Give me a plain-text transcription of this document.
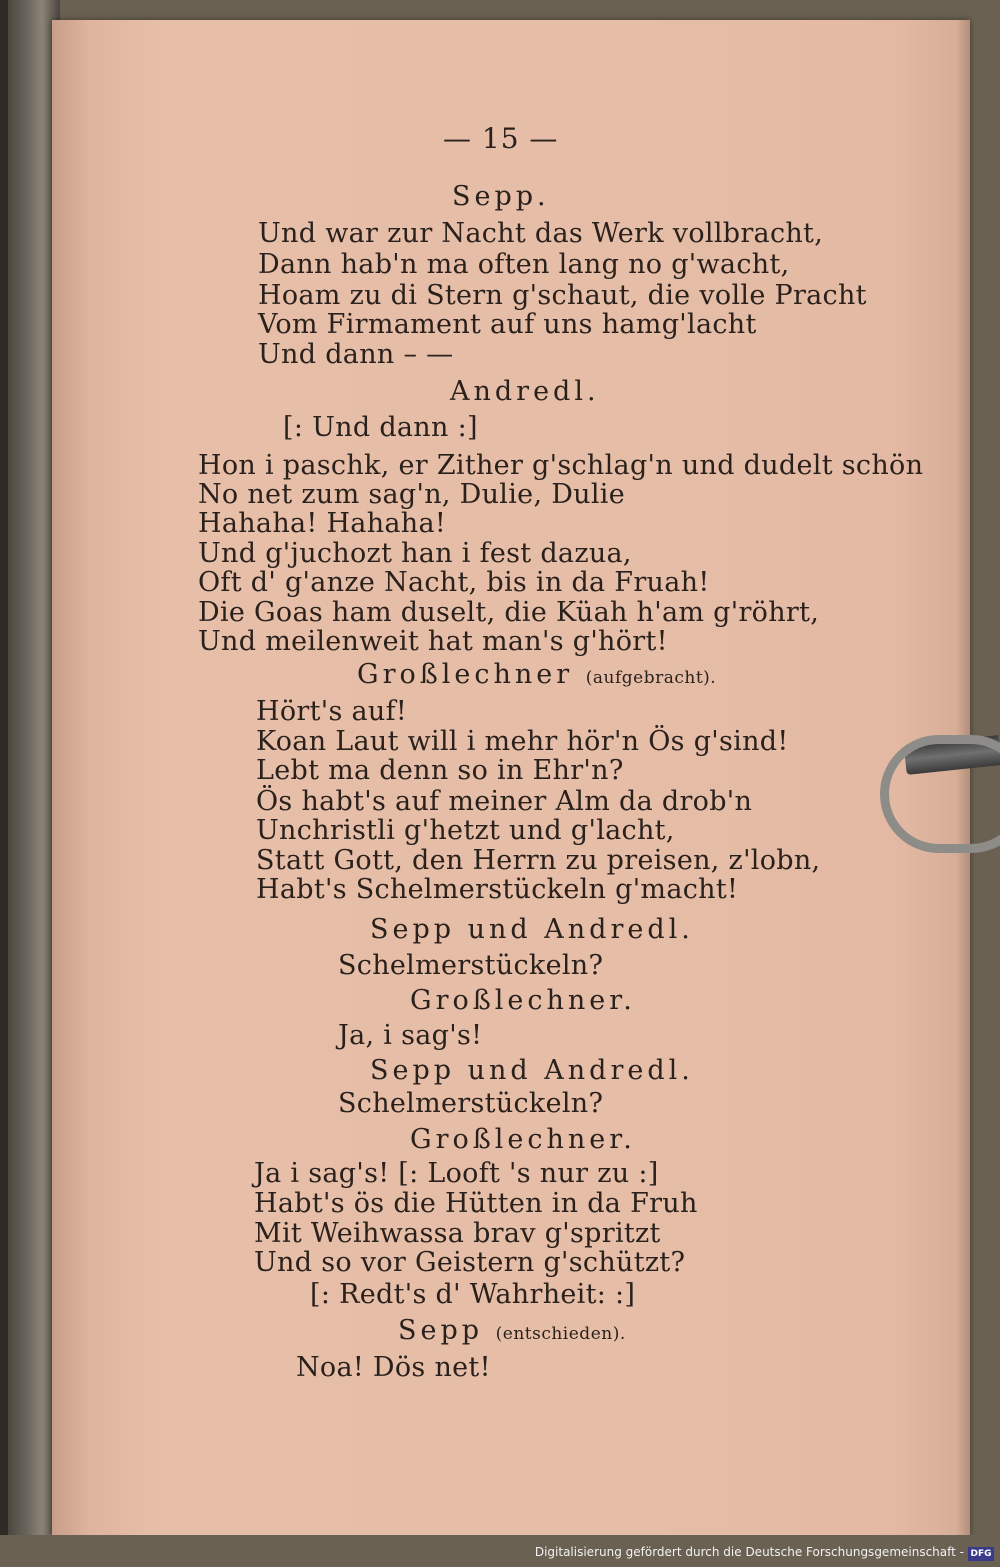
— 15 —
Sepp.
Und war zur Nacht das Werk vollbracht,
Dann hab'n ma often lang no g'wacht,
Hoam zu di Stern g'schaut, die volle Pracht
Vom Firmament auf uns hamg'lacht
Und dann – —
Andredl.
[: Und dann :]
Hon i paschk, er Zither g'schlag'n und dudelt schön
No net zum sag'n, Dulie, Dulie
Hahaha! Hahaha!
Und g'juchozt han i fest dazua,
Oft d' g'anze Nacht, bis in da Fruah!
Die Goas ham duselt, die Küah h'am g'röhrt,
Und meilenweit hat man's g'hört!
Großlechner (aufgebracht).
Hört's auf!
Koan Laut will i mehr hör'n Ös g'sind!
Lebt ma denn so in Ehr'n?
Ös habt's auf meiner Alm da drob'n
Unchristli g'hetzt und g'lacht,
Statt Gott, den Herrn zu preisen, z'lobn,
Habt's Schelmerstückeln g'macht!
Sepp und Andredl.
Schelmerstückeln?
Großlechner.
Ja, i sag's!
Sepp und Andredl.
Schelmerstückeln?
Großlechner.
Ja i sag's! [: Looft 's nur zu :]
Habt's ös die Hütten in da Fruh
Mit Weihwassa brav g'spritzt
Und so vor Geistern g'schützt?
[: Redt's d' Wahrheit: :]
Sepp (entschieden).
Noa! Dös net!
Digitalisierung gefördert durch die Deutsche Forschungsgemeinschaft - DFG
